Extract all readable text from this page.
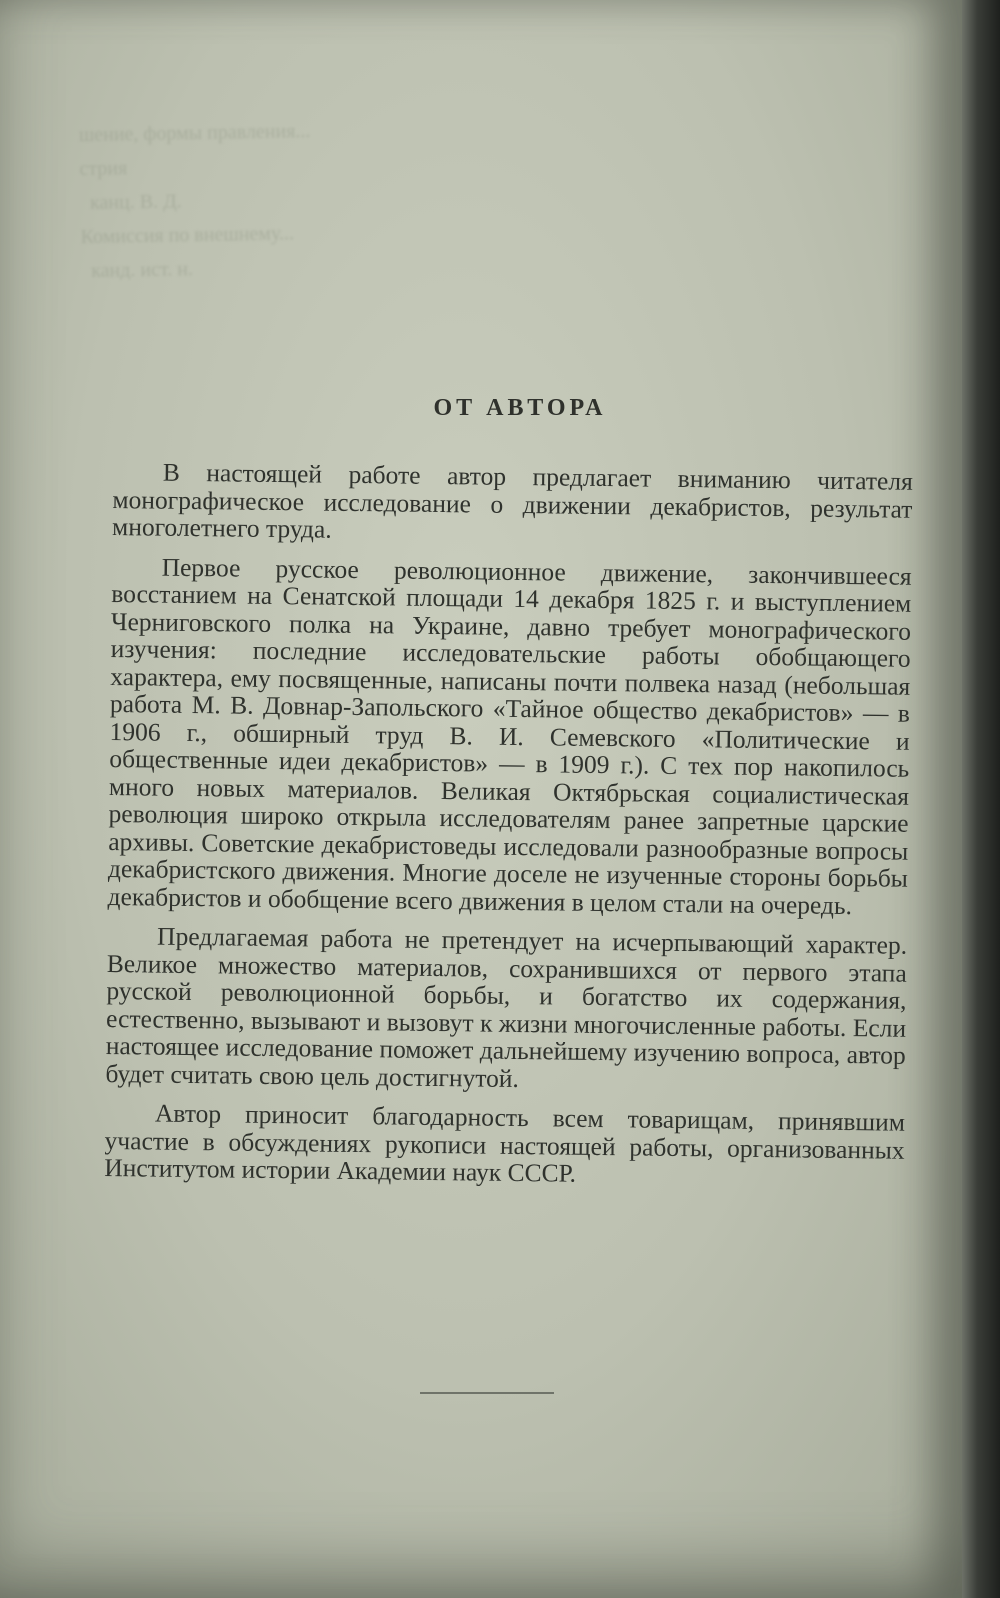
шение, формы правления...
стрия
канц. В. Д.
Комиссия по внешнему...
канд. ист. н.
ОТ АВТОРА

В настоящей работе автор предлагает вниманию читателя монографическое исследование о движении декабристов, результат многолетнего труда.

Первое русское революционное движение, закончившееся восстанием на Сенатской площади 14 декабря 1825 г. и выступлением Черниговского полка на Украине, давно требует монографического изучения: последние исследовательские работы обобщающего характера, ему посвященные, написаны почти полвека назад (небольшая работа М. В. Довнар-Запольского «Тайное общество декабристов» — в 1906 г., обширный труд В. И. Семевского «Политические и общественные идеи декабристов» — в 1909 г.). С тех пор накопилось много новых материалов. Великая Октябрьская социалистическая революция широко открыла исследователям ранее запретные царские архивы. Советские декабристоведы исследовали разнообразные вопросы декабристского движения. Многие доселе не изученные стороны борьбы декабристов и обобщение всего движения в целом стали на очередь.

Предлагаемая работа не претендует на исчерпывающий характер. Великое множество материалов, сохранившихся от первого этапа русской революционной борьбы, и богатство их содержания, естественно, вызывают и вызовут к жизни многочисленные работы. Если настоящее исследование поможет дальнейшему изучению вопроса, автор будет считать свою цель достигнутой.

Автор приносит благодарность всем товарищам, принявшим участие в обсуждениях рукописи настоящей работы, организованных Институтом истории Академии наук СССР.
